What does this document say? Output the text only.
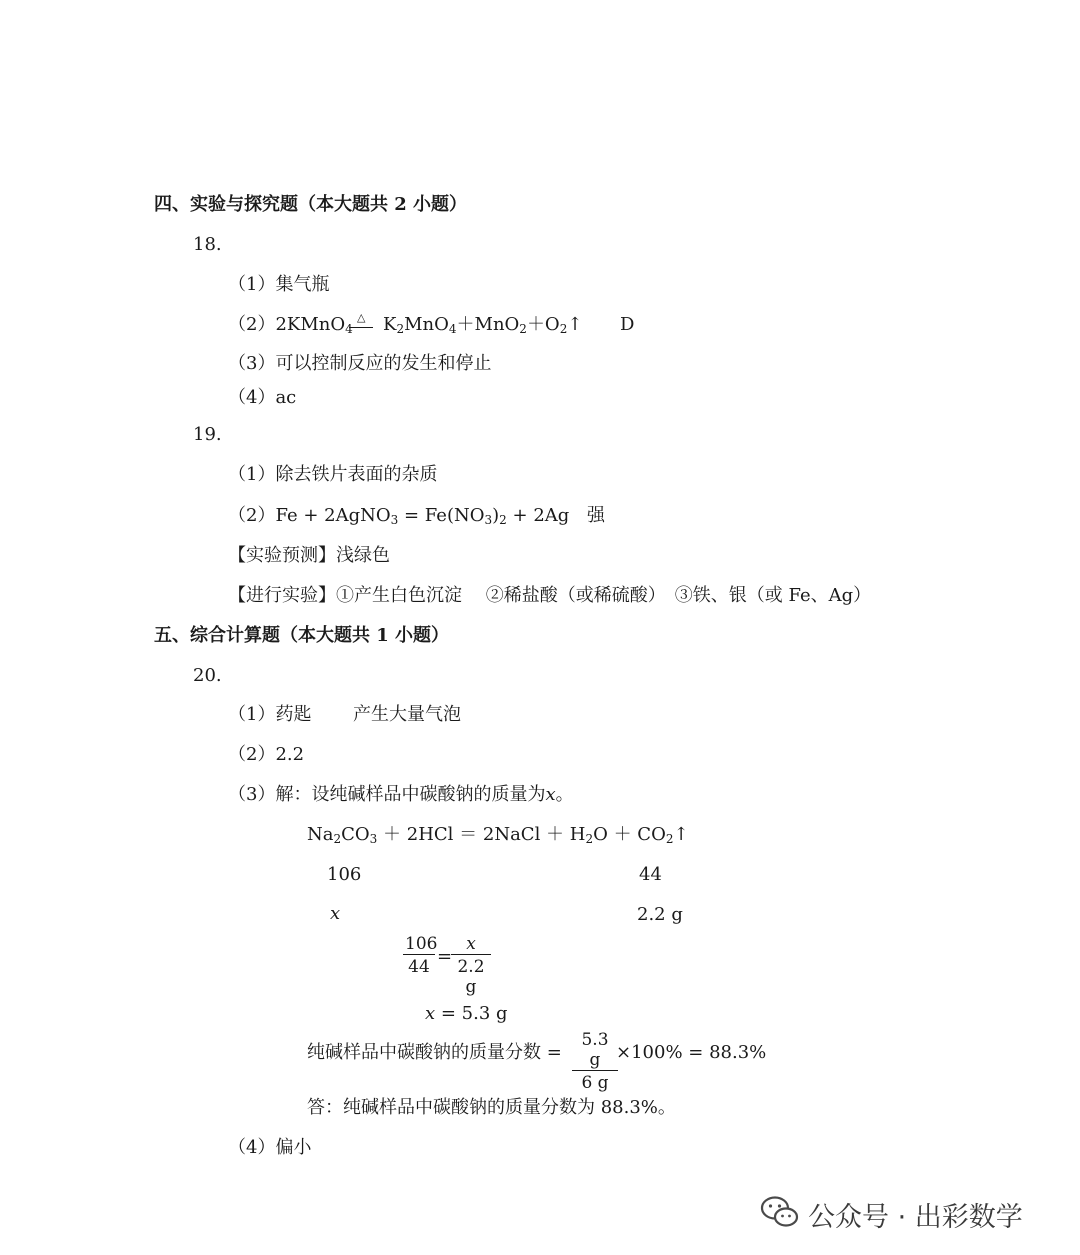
四、实验与探究题（本大题共 2 小题）
18.
（1）集气瓶
（2）2KMnO$_4$
△ $K_2MnO_4+MnO_2+O_2↑$ D
（3）可以控制反应的发生和停止
（4）ac
19.
（1）除去铁片表面的杂质
（2）Fe + 2AgNO$_3$ = $Fe(NO_3)_2 + 2Ag$ 强
【实验预测】浅绿色
【进行实验】①产生白色沉淀　 ②稀盐酸（或稀硫酸）　③铁、银（或 Fe、Ag）
五、综合计算题（本大题共 1 小题）
20.
（1）药匙 产生大量气泡
（2）2.2
（3）解：设纯碱样品中碳酸钠的质量为x。
$Na_2CO_3 + 2HCl$ ＝ 2NaCl ＋ $H_2O$ ＋ $CO_2↑$
106	44
x	2.2 g
$\frac{106}{44}$ =
$\frac{x}{2.2 g}$
x = 5.3 g
纯碱样品中碳酸钠的质量分数 = $\frac{5.3 g}{6 g}$
×100% = 88.3%
答：纯碱样品中碳酸钠的质量分数为 88.3%。
（4）偏小
公众号 · 出彩数学
